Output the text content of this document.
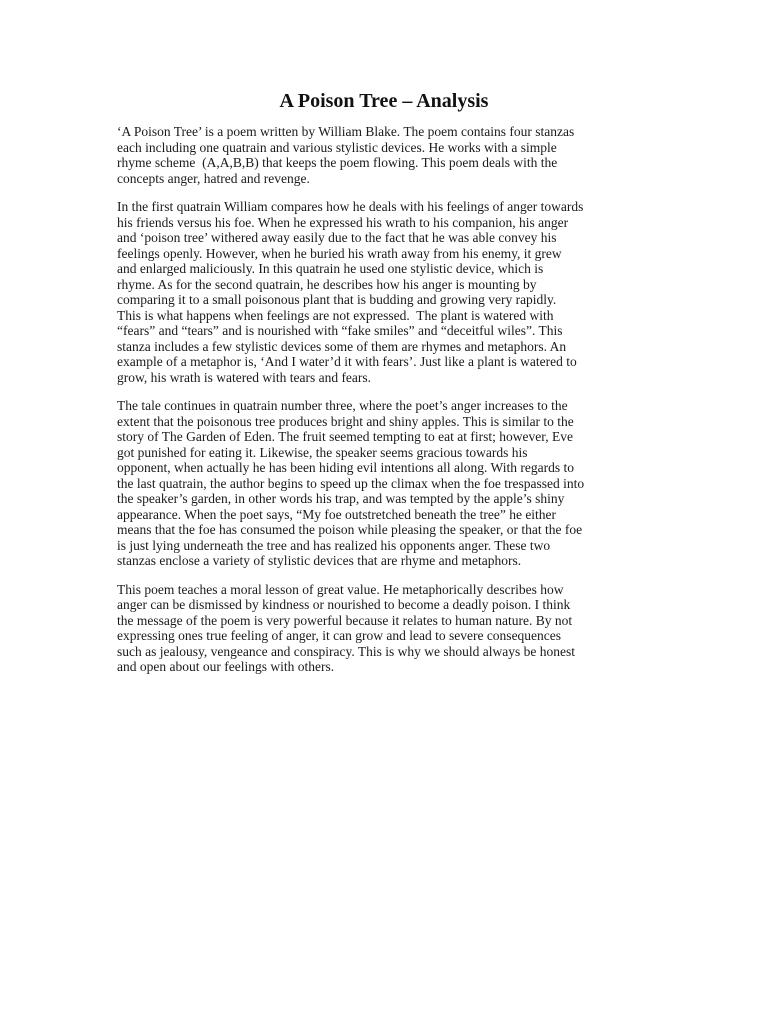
A Poison Tree – Analysis

‘A Poison Tree’ is a poem written by William Blake. The poem contains four stanzas
each including one quatrain and various stylistic devices. He works with a simple
rhyme scheme  (A,A,B,B) that keeps the poem flowing. This poem deals with the
concepts anger, hatred and revenge.

In the first quatrain William compares how he deals with his feelings of anger towards
his friends versus his foe. When he expressed his wrath to his companion, his anger
and ‘poison tree’ withered away easily due to the fact that he was able convey his
feelings openly. However, when he buried his wrath away from his enemy, it grew
and enlarged maliciously. In this quatrain he used one stylistic device, which is
rhyme. As for the second quatrain, he describes how his anger is mounting by
comparing it to a small poisonous plant that is budding and growing very rapidly.
This is what happens when feelings are not expressed.  The plant is watered with
“fears” and “tears” and is nourished with “fake smiles” and “deceitful wiles”. This
stanza includes a few stylistic devices some of them are rhymes and metaphors. An
example of a metaphor is, ‘And I water’d it with fears’. Just like a plant is watered to
grow, his wrath is watered with tears and fears.

The tale continues in quatrain number three, where the poet’s anger increases to the
extent that the poisonous tree produces bright and shiny apples. This is similar to the
story of The Garden of Eden. The fruit seemed tempting to eat at first; however, Eve
got punished for eating it. Likewise, the speaker seems gracious towards his
opponent, when actually he has been hiding evil intentions all along. With regards to
the last quatrain, the author begins to speed up the climax when the foe trespassed into
the speaker’s garden, in other words his trap, and was tempted by the apple’s shiny
appearance. When the poet says, “My foe outstretched beneath the tree” he either
means that the foe has consumed the poison while pleasing the speaker, or that the foe
is just lying underneath the tree and has realized his opponents anger. These two
stanzas enclose a variety of stylistic devices that are rhyme and metaphors.

This poem teaches a moral lesson of great value. He metaphorically describes how
anger can be dismissed by kindness or nourished to become a deadly poison. I think
the message of the poem is very powerful because it relates to human nature. By not
expressing ones true feeling of anger, it can grow and lead to severe consequences
such as jealousy, vengeance and conspiracy. This is why we should always be honest
and open about our feelings with others.
